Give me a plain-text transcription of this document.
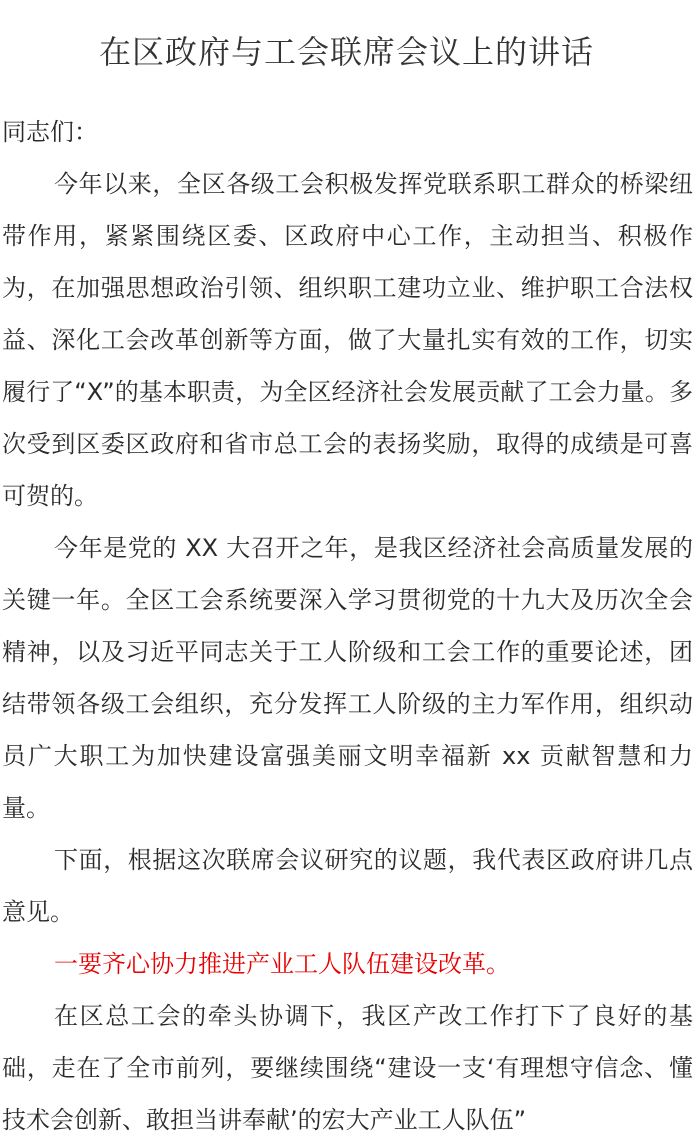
在区政府与工会联席会议上的讲话

同志们：

今年以来，全区各级工会积极发挥党联系职工群众的桥梁纽带作用，紧紧围绕区委、区政府中心工作，主动担当、积极作为，在加强思想政治引领、组织职工建功立业、维护职工合法权益、深化工会改革创新等方面，做了大量扎实有效的工作，切实履行了“X”的基本职责，为全区经济社会发展贡献了工会力量。多次受到区委区政府和省市总工会的表扬奖励，取得的成绩是可喜可贺的。

今年是党的 XX 大召开之年，是我区经济社会高质量发展的关键一年。全区工会系统要深入学习贯彻党的十九大及历次全会精神，以及习近平同志关于工人阶级和工会工作的重要论述，团结带领各级工会组织，充分发挥工人阶级的主力军作用，组织动员广大职工为加快建设富强美丽文明幸福新 xx 贡献智慧和力量。

下面，根据这次联席会议研究的议题，我代表区政府讲几点意见。

一要齐心协力推进产业工人队伍建设改革。

在区总工会的牵头协调下，我区产改工作打下了良好的基础，走在了全市前列，要继续围绕“建设一支‘有理想守信念、懂技术会创新、敢担当讲奉献’的宏大产业工人队伍”
